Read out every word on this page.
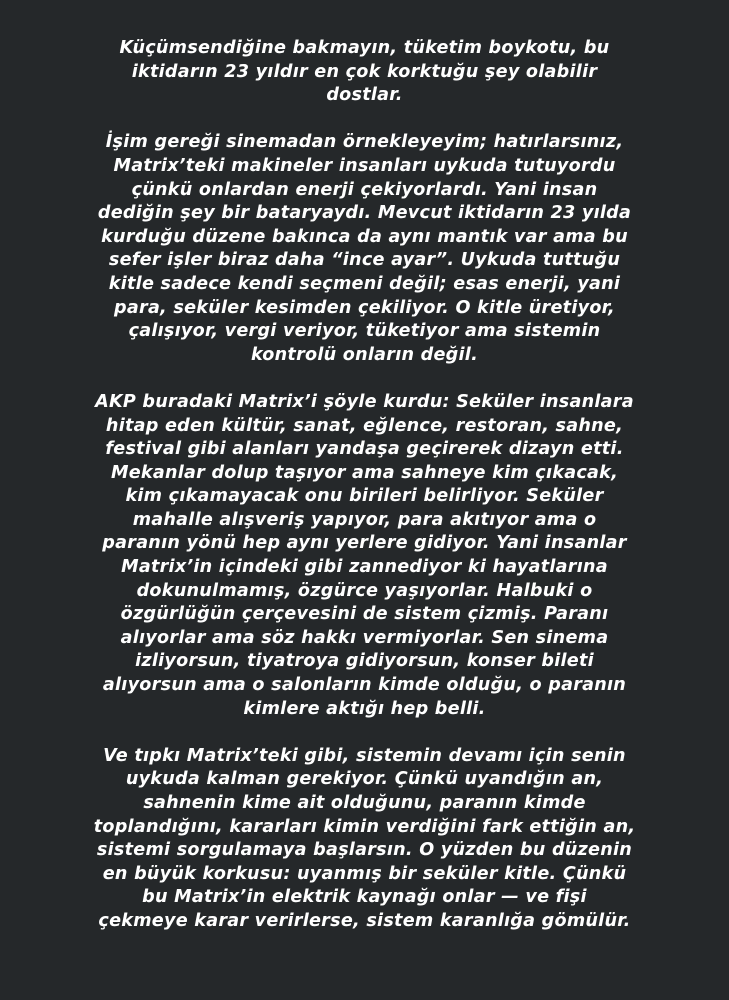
Küçümsendiğine bakmayın, tüketim boykotu, bu
iktidarın 23 yıldır en çok korktuğu şey olabilir
dostlar.

İşim gereği sinemadan örnekleyeyim; hatırlarsınız,
Matrix’teki makineler insanları uykuda tutuyordu
çünkü onlardan enerji çekiyorlardı. Yani insan
dediğin şey bir bataryaydı. Mevcut iktidarın 23 yılda
kurduğu düzene bakınca da aynı mantık var ama bu
sefer işler biraz daha “ince ayar”. Uykuda tuttuğu
kitle sadece kendi seçmeni değil; esas enerji, yani
para, seküler kesimden çekiliyor. O kitle üretiyor,
çalışıyor, vergi veriyor, tüketiyor ama sistemin
kontrolü onların değil.

AKP buradaki Matrix’i şöyle kurdu: Seküler insanlara
hitap eden kültür, sanat, eğlence, restoran, sahne,
festival gibi alanları yandaşa geçirerek dizayn etti.
Mekanlar dolup taşıyor ama sahneye kim çıkacak,
kim çıkamayacak onu birileri belirliyor. Seküler
mahalle alışveriş yapıyor, para akıtıyor ama o
paranın yönü hep aynı yerlere gidiyor. Yani insanlar
Matrix’in içindeki gibi zannediyor ki hayatlarına
dokunulmamış, özgürce yaşıyorlar. Halbuki o
özgürlüğün çerçevesini de sistem çizmiş. Paranı
alıyorlar ama söz hakkı vermiyorlar. Sen sinema
izliyorsun, tiyatroya gidiyorsun, konser bileti
alıyorsun ama o salonların kimde olduğu, o paranın
kimlere aktığı hep belli.

Ve tıpkı Matrix’teki gibi, sistemin devamı için senin
uykuda kalman gerekiyor. Çünkü uyandığın an,
sahnenin kime ait olduğunu, paranın kimde
toplandığını, kararları kimin verdiğini fark ettiğin an,
sistemi sorgulamaya başlarsın. O yüzden bu düzenin
en büyük korkusu: uyanmış bir seküler kitle. Çünkü
bu Matrix’in elektrik kaynağı onlar — ve fişi
çekmeye karar verirlerse, sistem karanlığa gömülür.
